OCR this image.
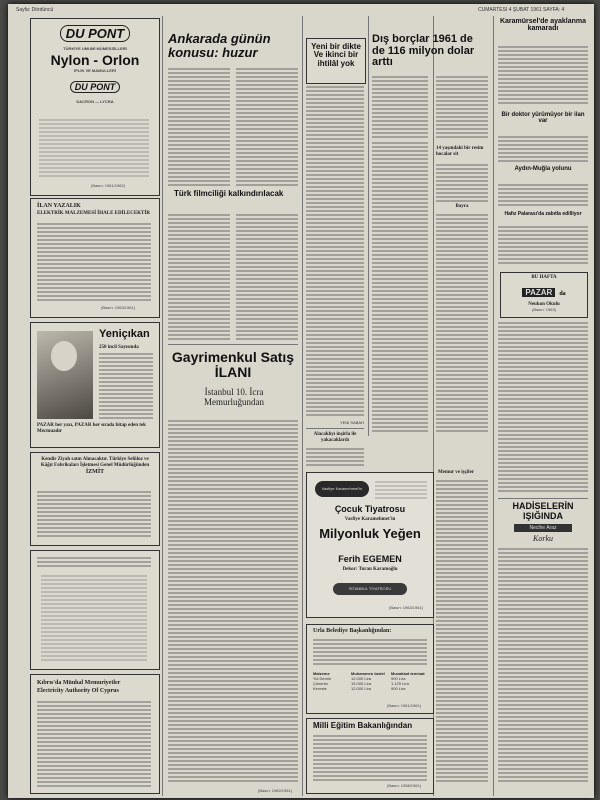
Sayfa: Dördüncü	CUMARTESI 4 ŞUBAT 1961 SAYFA: 4
DU PONT
TÜRKİYE UMUMİ MÜMESSİLLERİ
Nylon - Orlon
İPLİK VE MAMULLERİ
DU PONT
DACRON — LYCRA
(Basın: 1961/1962)
İLAN YAZALIK
ELEKTRİK MALZEMESİ İHALE EDİLECEKTİR
(Basın: 1963/1961)
Yeniçıkan
250 incil Sayısında
PAZAR her yazı, PAZAR her sırada bitap eden tek Mecmuadır
Kendir Ziyah satın Alınacaktır. Türkiye Selüloz ve Kâğıt Fabrikaları İşletmesi Genel Müdürlüğünden
İZMİT
Kıbrıs'da Münhal Memuriyetler
Electricity Authority Of Cyprus
Ankarada günün konusu: huzur
Türk filmciliği kalkındırılacak
Gayrimenkul Satış İLANI
İstanbul 10. İcra Memurluğundan
(Basın: 1962/1961)
Yeni bir dikte Ve ikinci bir ihtilâl yok
YENİ SABAH
Alacaklıyı inşirla ile yakacaklardı
Dış borçlar 1961 de de 116 milyon dolar arttı
14 yaşındaki bir resim hocalar sit
Bayra
Memur ve işçiler
Vasfiye Karamehmet'in
Çocuk Tiyatrosu
Vasfiye Karamehmet'in
Milyonluk Yeğen
Ferih EGEMEN
Dekor: Turan Karamoğlu
İSTANBUL TİYATROSU
(Basın: 1963/1961)
Urla Belediye Başkanlığından:
Malzeme	Muhammen bedel	Muvakkat teminat
Yol Demiri	12.000 Lira	900 Lira
Çimento	15.000 Lira	1.125 Lira
Kereste	12.000 Lira	900 Lira
(Basın: 1961/1961)
Milli Eğitim Bakanlığından
(Basın: 1958/1961)
Karamürsel'de ayaklanma kamaradı
Bir doktor yürümüyor bir ilan var
Aydın-Muğla yolunu
Hafız Palarası'da zabıtla edilliyor
BU HAFTA
PAZAR da
Neukon Okulu
(Basın: 1963)
HADİSELERİN
IŞIĞINDA
Necihe Araz
Korku
